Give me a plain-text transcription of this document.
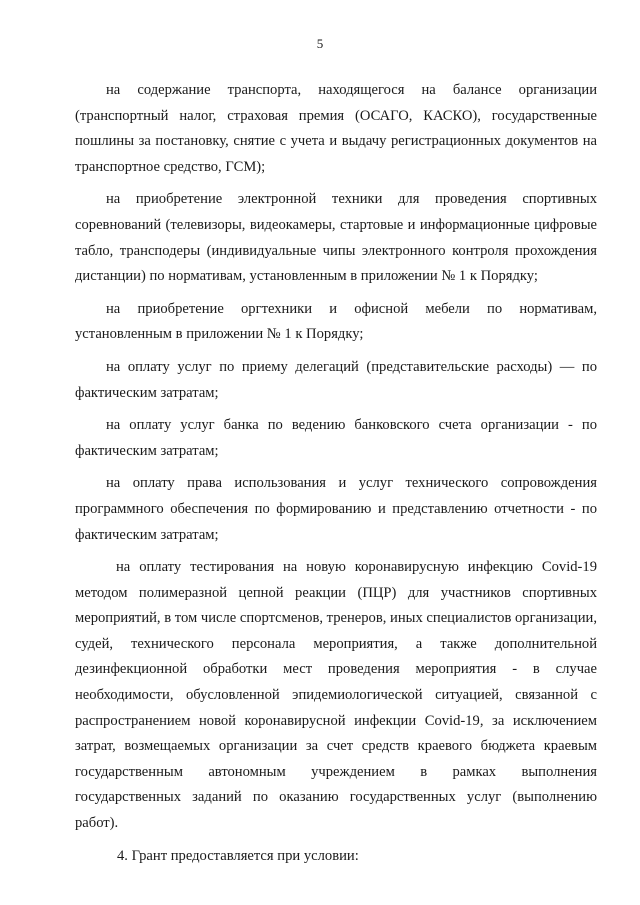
5

на содержание транспорта, находящегося на балансе организации (транспортный налог, страховая премия (ОСАГО, КАСКО), государственные пошлины за постановку, снятие с учета и выдачу регистрационных документов на транспортное средство, ГСМ);

на приобретение электронной техники для проведения спортивных соревнований (телевизоры, видеокамеры, стартовые и информационные цифровые табло, трансподеры (индивидуальные чипы электронного контроля прохождения дистанции) по нормативам, установленным в приложении № 1 к Порядку;

на приобретение оргтехники и офисной мебели по нормативам, установленным в приложении № 1 к Порядку;

на оплату услуг по приему делегаций (представительские расходы) — по фактическим затратам;

на оплату услуг банка по ведению банковского счета организации - по фактическим затратам;

на оплату права использования и услуг технического сопровождения программного обеспечения по формированию и представлению отчетности - по фактическим затратам;

на оплату тестирования на новую коронавирусную инфекцию Covid-19 методом полимеразной цепной реакции (ПЦР) для участников спортивных мероприятий, в том числе спортсменов, тренеров, иных специалистов организации, судей, технического персонала мероприятия, а также дополнительной дезинфекционной обработки мест проведения мероприятия - в случае необходимости, обусловленной эпидемиологической ситуацией, связанной с распространением новой коронавирусной инфекции Covid-19, за исключением затрат, возмещаемых организации за счет средств краевого бюджета краевым государственным автономным учреждением в рамках выполнения государственных заданий по оказанию государственных услуг (выполнению работ).

4. Грант предоставляется при условии:
